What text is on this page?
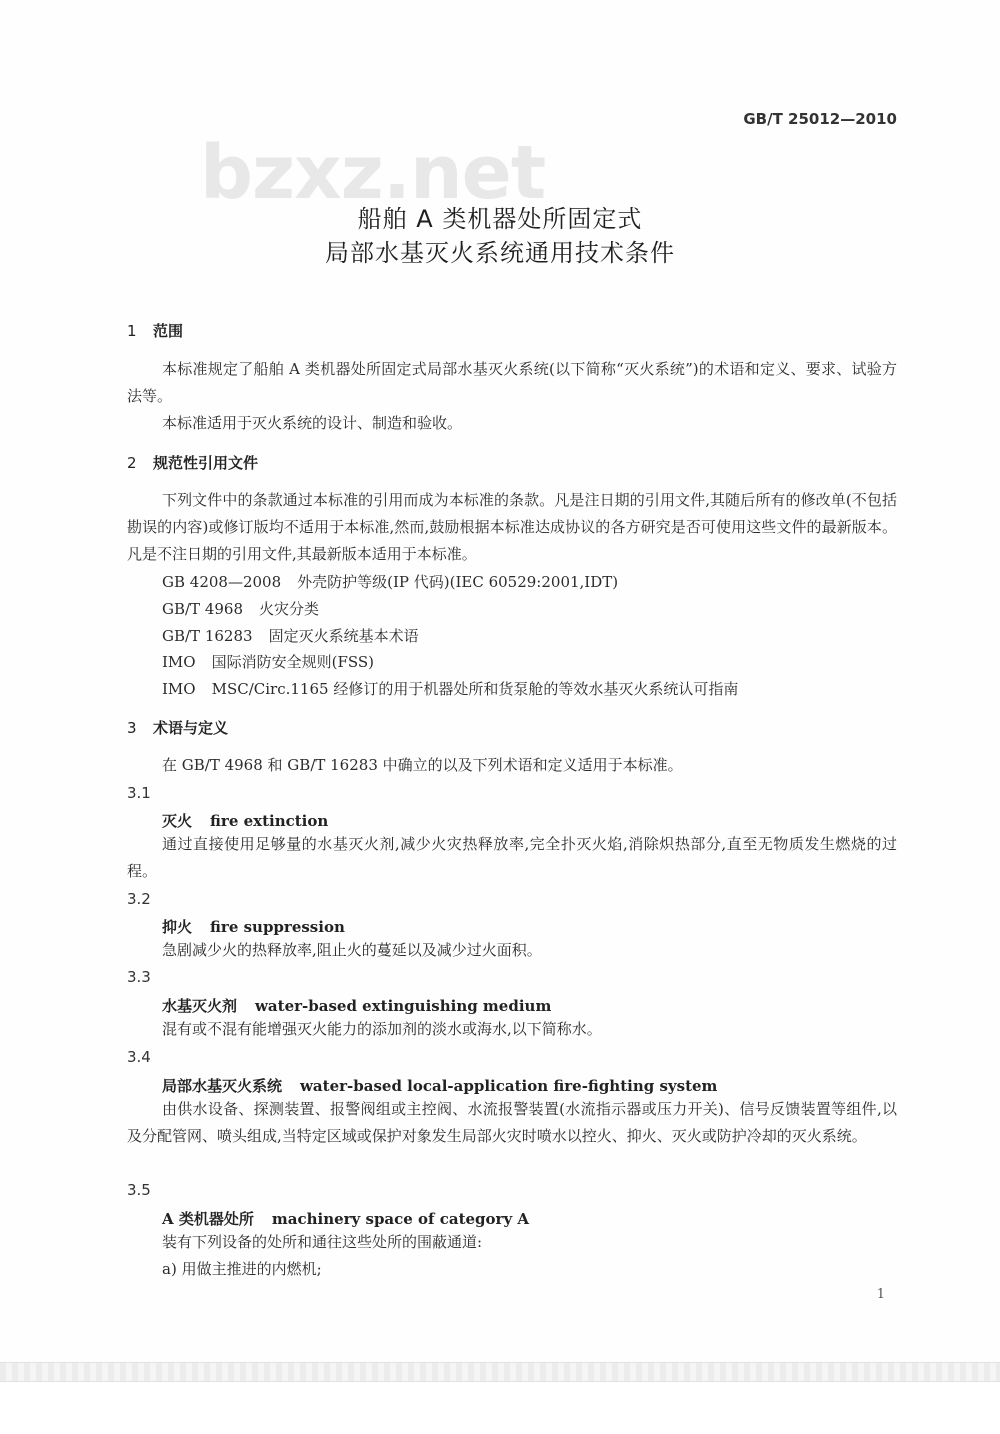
bzxz.net
GB/T 25012—2010
船舶 A 类机器处所固定式
局部水基灭火系统通用技术条件
1 范围
本标准规定了船舶 A 类机器处所固定式局部水基灭火系统(以下简称“灭火系统”)的术语和定义、要求、试验方法等。
本标准适用于灭火系统的设计、制造和验收。
2 规范性引用文件
下列文件中的条款通过本标准的引用而成为本标准的条款。凡是注日期的引用文件,其随后所有的修改单(不包括勘误的内容)或修订版均不适用于本标准,然而,鼓励根据本标准达成协议的各方研究是否可使用这些文件的最新版本。凡是不注日期的引用文件,其最新版本适用于本标准。
GB 4208—2008 外壳防护等级(IP 代码)(IEC 60529:2001,IDT)
GB/T 4968 火灾分类
GB/T 16283 固定灭火系统基本术语
IMO 国际消防安全规则(FSS)
IMO MSC/Circ.1165 经修订的用于机器处所和货泵舱的等效水基灭火系统认可指南
3 术语与定义
在 GB/T 4968 和 GB/T 16283 中确立的以及下列术语和定义适用于本标准。
3.1
灭火 fire extinction
通过直接使用足够量的水基灭火剂,减少火灾热释放率,完全扑灭火焰,消除炽热部分,直至无物质发生燃烧的过程。
3.2
抑火 fire suppression
急剧减少火的热释放率,阻止火的蔓延以及减少过火面积。
3.3
水基灭火剂 water-based extinguishing medium
混有或不混有能增强灭火能力的添加剂的淡水或海水,以下简称水。
3.4
局部水基灭火系统 water-based local-application fire-fighting system
由供水设备、探测装置、报警阀组或主控阀、水流报警装置(水流指示器或压力开关)、信号反馈装置等组件,以及分配管网、喷头组成,当特定区域或保护对象发生局部火灾时喷水以控火、抑火、灭火或防护冷却的灭火系统。
3.5
A 类机器处所 machinery space of category A
装有下列设备的处所和通往这些处所的围蔽通道:
a) 用做主推进的内燃机;
1
